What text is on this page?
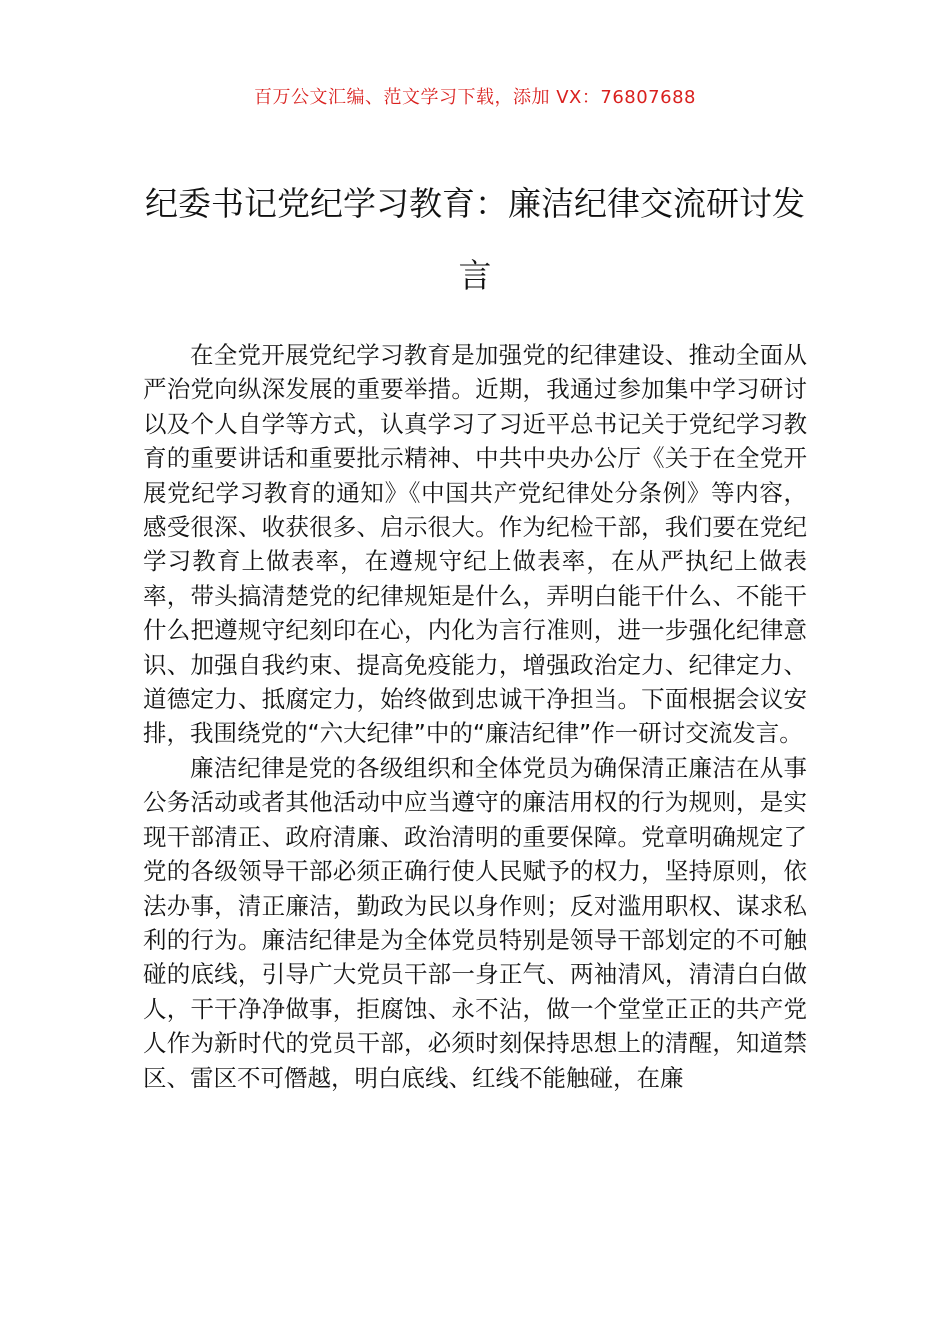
百万公文汇编、范文学习下载，添加 VX：76807688
纪委书记党纪学习教育：廉洁纪律交流研讨发言

在全党开展党纪学习教育是加强党的纪律建设、推动全面从严治党向纵深发展的重要举措。近期，我通过参加集中学习研讨以及个人自学等方式，认真学习了习近平总书记关于党纪学习教育的重要讲话和重要批示精神、中共中央办公厅《关于在全党开展党纪学习教育的通知》《中国共产党纪律处分条例》等内容，感受很深、收获很多、启示很大。作为纪检干部，我们要在党纪学习教育上做表率，在遵规守纪上做表率，在从严执纪上做表率，带头搞清楚党的纪律规矩是什么，弄明白能干什么、不能干什么把遵规守纪刻印在心，内化为言行准则，进一步强化纪律意识、加强自我约束、提高免疫能力，增强政治定力、纪律定力、道德定力、抵腐定力，始终做到忠诚干净担当。下面根据会议安排，我围绕党的“六大纪律”中的“廉洁纪律”作一研讨交流发言。

廉洁纪律是党的各级组织和全体党员为确保清正廉洁在从事公务活动或者其他活动中应当遵守的廉洁用权的行为规则，是实现干部清正、政府清廉、政治清明的重要保障。党章明确规定了党的各级领导干部必须正确行使人民赋予的权力，坚持原则，依法办事，清正廉洁，勤政为民以身作则；反对滥用职权、谋求私利的行为。廉洁纪律是为全体党员特别是领导干部划定的不可触碰的底线，引导广大党员干部一身正气、两袖清风，清清白白做人，干干净净做事，拒腐蚀、永不沾，做一个堂堂正正的共产党人作为新时代的党员干部，必须时刻保持思想上的清醒，知道禁区、雷区不可僭越，明白底线、红线不能触碰，在廉
